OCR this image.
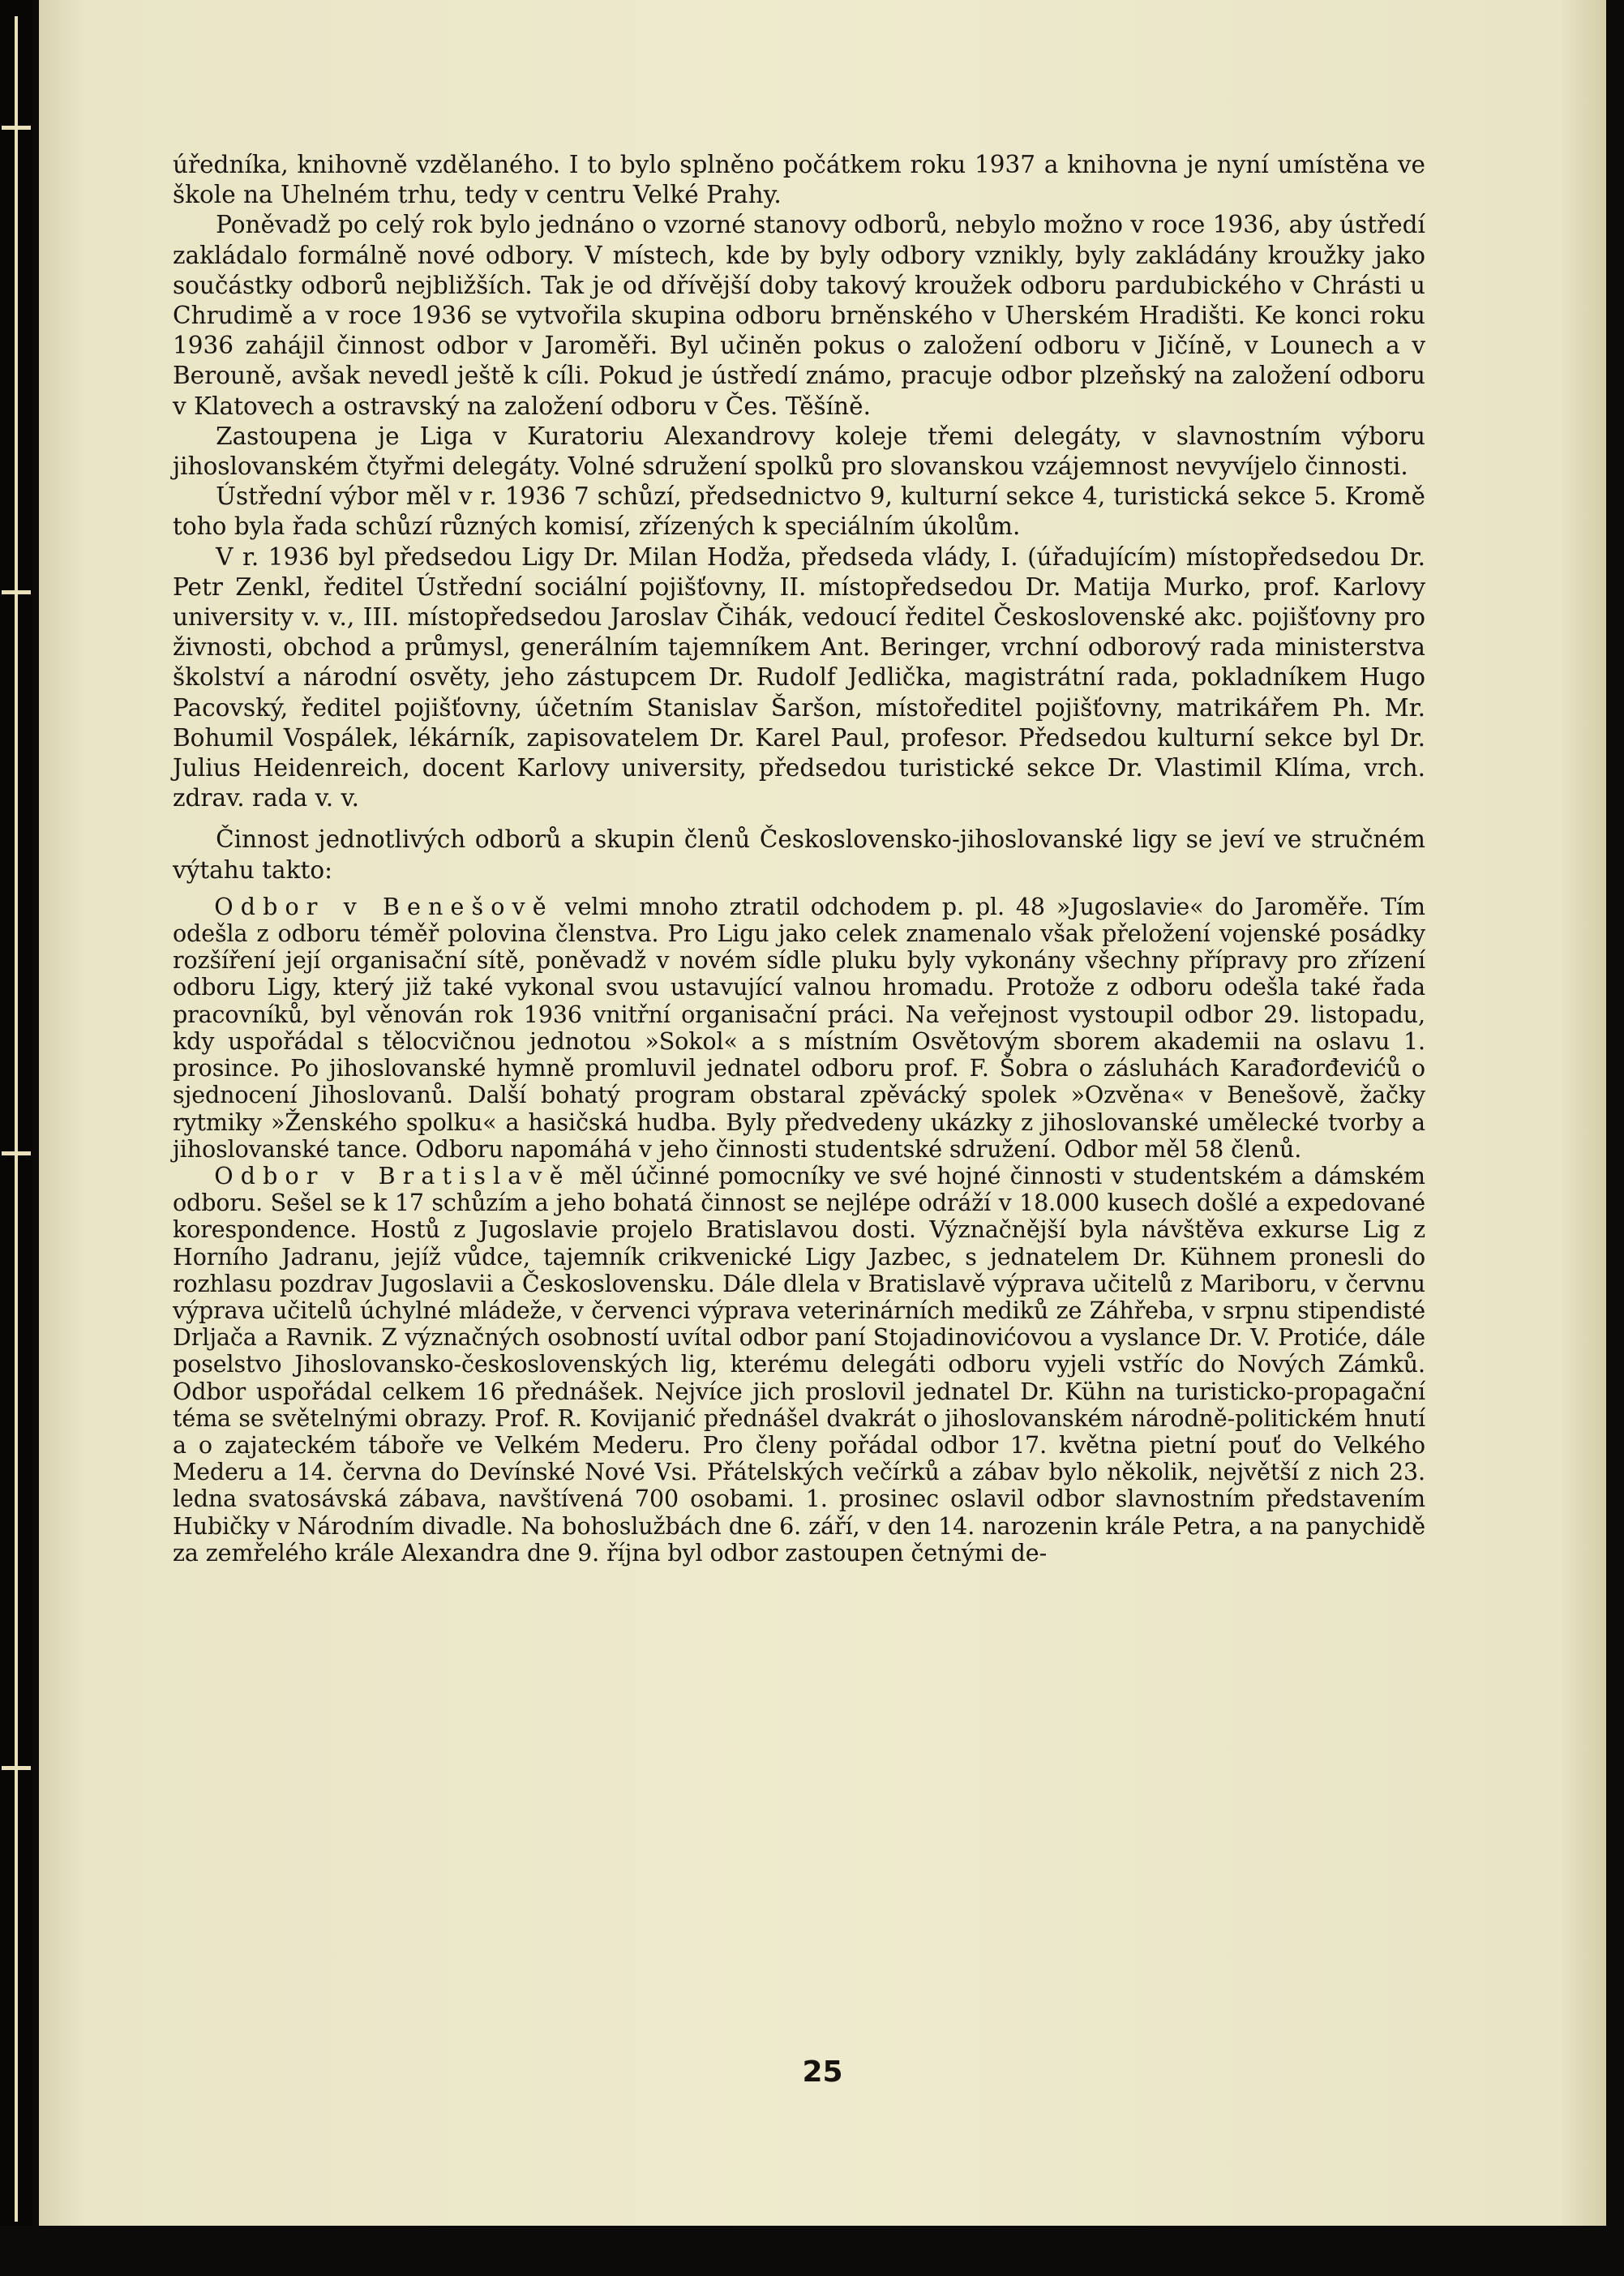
úředníka, knihovně vzdělaného. I to bylo splněno počátkem roku 1937 a knihovna je nyní umístěna ve škole na Uhelném trhu, tedy v centru Velké Prahy.

Poněvadž po celý rok bylo jednáno o vzorné stanovy odborů, nebylo možno v roce 1936, aby ústředí zakládalo formálně nové odbory. V místech, kde by byly odbory vznikly, byly zakládány kroužky jako součástky odborů nejbližších. Tak je od dřívější doby takový kroužek odboru pardubického v Chrásti u Chrudimě a v roce 1936 se vytvořila skupina odboru brněnského v Uherském Hradišti. Ke konci roku 1936 zahájil činnost odbor v Jaroměři. Byl učiněn pokus o založení odboru v Jičíně, v Lounech a v Berouně, avšak nevedl ještě k cíli. Pokud je ústředí známo, pracuje odbor plzeňský na založení odboru v Klatovech a ostravský na založení odboru v Čes. Těšíně.

Zastoupena je Liga v Kuratoriu Alexandrovy koleje třemi delegáty, v slavnostním výboru jihoslovanském čtyřmi delegáty. Volné sdružení spolků pro slovanskou vzájemnost nevyvíjelo činnosti.

Ústřední výbor měl v r. 1936 7 schůzí, předsednictvo 9, kulturní sekce 4, turistická sekce 5. Kromě toho byla řada schůzí různých komisí, zřízených k speciálním úkolům.

V r. 1936 byl předsedou Ligy Dr. Milan Hodža, předseda vlády, I. (úřadujícím) místopředsedou Dr. Petr Zenkl, ředitel Ústřední sociální pojišťovny, II. místopředsedou Dr. Matija Murko, prof. Karlovy university v. v., III. místopředsedou Jaroslav Čihák, vedoucí ředitel Československé akc. pojišťovny pro živnosti, obchod a průmysl, generálním tajemníkem Ant. Beringer, vrchní odborový rada ministerstva školství a národní osvěty, jeho zástupcem Dr. Rudolf Jedlička, magistrátní rada, pokladníkem Hugo Pacovský, ředitel pojišťovny, účetním Stanislav Šaršon, místoředitel pojišťovny, matrikářem Ph. Mr. Bohumil Vospálek, lékárník, zapisovatelem Dr. Karel Paul, profesor. Předsedou kulturní sekce byl Dr. Julius Heidenreich, docent Karlovy university, předsedou turistické sekce Dr. Vlastimil Klíma, vrch. zdrav. rada v. v.

Činnost jednotlivých odborů a skupin členů Československo-jihoslovanské ligy se jeví ve stručném výtahu takto:

Odbor v Benešově velmi mnoho ztratil odchodem p. pl. 48 »Jugoslavie« do Jaroměře. Tím odešla z odboru téměř polovina členstva. Pro Ligu jako celek znamenalo však přeložení vojenské posádky rozšíření její organisační sítě, poněvadž v novém sídle pluku byly vykonány všechny přípravy pro zřízení odboru Ligy, který již také vykonal svou ustavující valnou hromadu. Protože z odboru odešla také řada pracovníků, byl věnován rok 1936 vnitřní organisační práci. Na veřejnost vystoupil odbor 29. listopadu, kdy uspořádal s tělocvičnou jednotou »Sokol« a s místním Osvětovým sborem akademii na oslavu 1. prosince. Po jihoslovanské hymně promluvil jednatel odboru prof. F. Šobra o zásluhách Karađorđevićů o sjednocení Jihoslovanů. Další bohatý program obstaral zpěvácký spolek »Ozvěna« v Benešově, žačky rytmiky »Ženského spolku« a hasičská hudba. Byly předvedeny ukázky z jihoslovanské umělecké tvorby a jihoslovanské tance. Odboru napomáhá v jeho činnosti studentské sdružení. Odbor měl 58 členů.

Odbor v Bratislavě měl účinné pomocníky ve své hojné činnosti v studentském a dámském odboru. Sešel se k 17 schůzím a jeho bohatá činnost se nejlépe odráží v 18.000 kusech došlé a expedované korespondence. Hostů z Jugoslavie projelo Bratislavou dosti. Význačnější byla návštěva exkurse Lig z Horního Jadranu, jejíž vůdce, tajemník crikvenické Ligy Jazbec, s jednatelem Dr. Kühnem pronesli do rozhlasu pozdrav Jugoslavii a Československu. Dále dlela v Bratislavě výprava učitelů z Mariboru, v červnu výprava učitelů úchylné mládeže, v červenci výprava veterinárních mediků ze Záhřeba, v srpnu stipendisté Drljača a Ravnik. Z význačných osobností uvítal odbor paní Stojadinovićovou a vyslance Dr. V. Protiće, dále poselstvo Jihoslovansko-československých lig, kterému delegáti odboru vyjeli vstříc do Nových Zámků. Odbor uspořádal celkem 16 přednášek. Nejvíce jich proslovil jednatel Dr. Kühn na turisticko-propagační téma se světelnými obrazy. Prof. R. Kovijanić přednášel dvakrát o jihoslovanském národně-politickém hnutí a o zajateckém táboře ve Velkém Mederu. Pro členy pořádal odbor 17. května pietní pouť do Velkého Mederu a 14. června do Devínské Nové Vsi. Přátelských večírků a zábav bylo několik, největší z nich 23. ledna svatosávská zábava, navštívená 700 osobami. 1. prosinec oslavil odbor slavnostním představením Hubičky v Národním divadle. Na bohoslužbách dne 6. září, v den 14. narozenin krále Petra, a na panychidě za zemřelého krále Alexandra dne 9. října byl odbor zastoupen četnými de-

25
